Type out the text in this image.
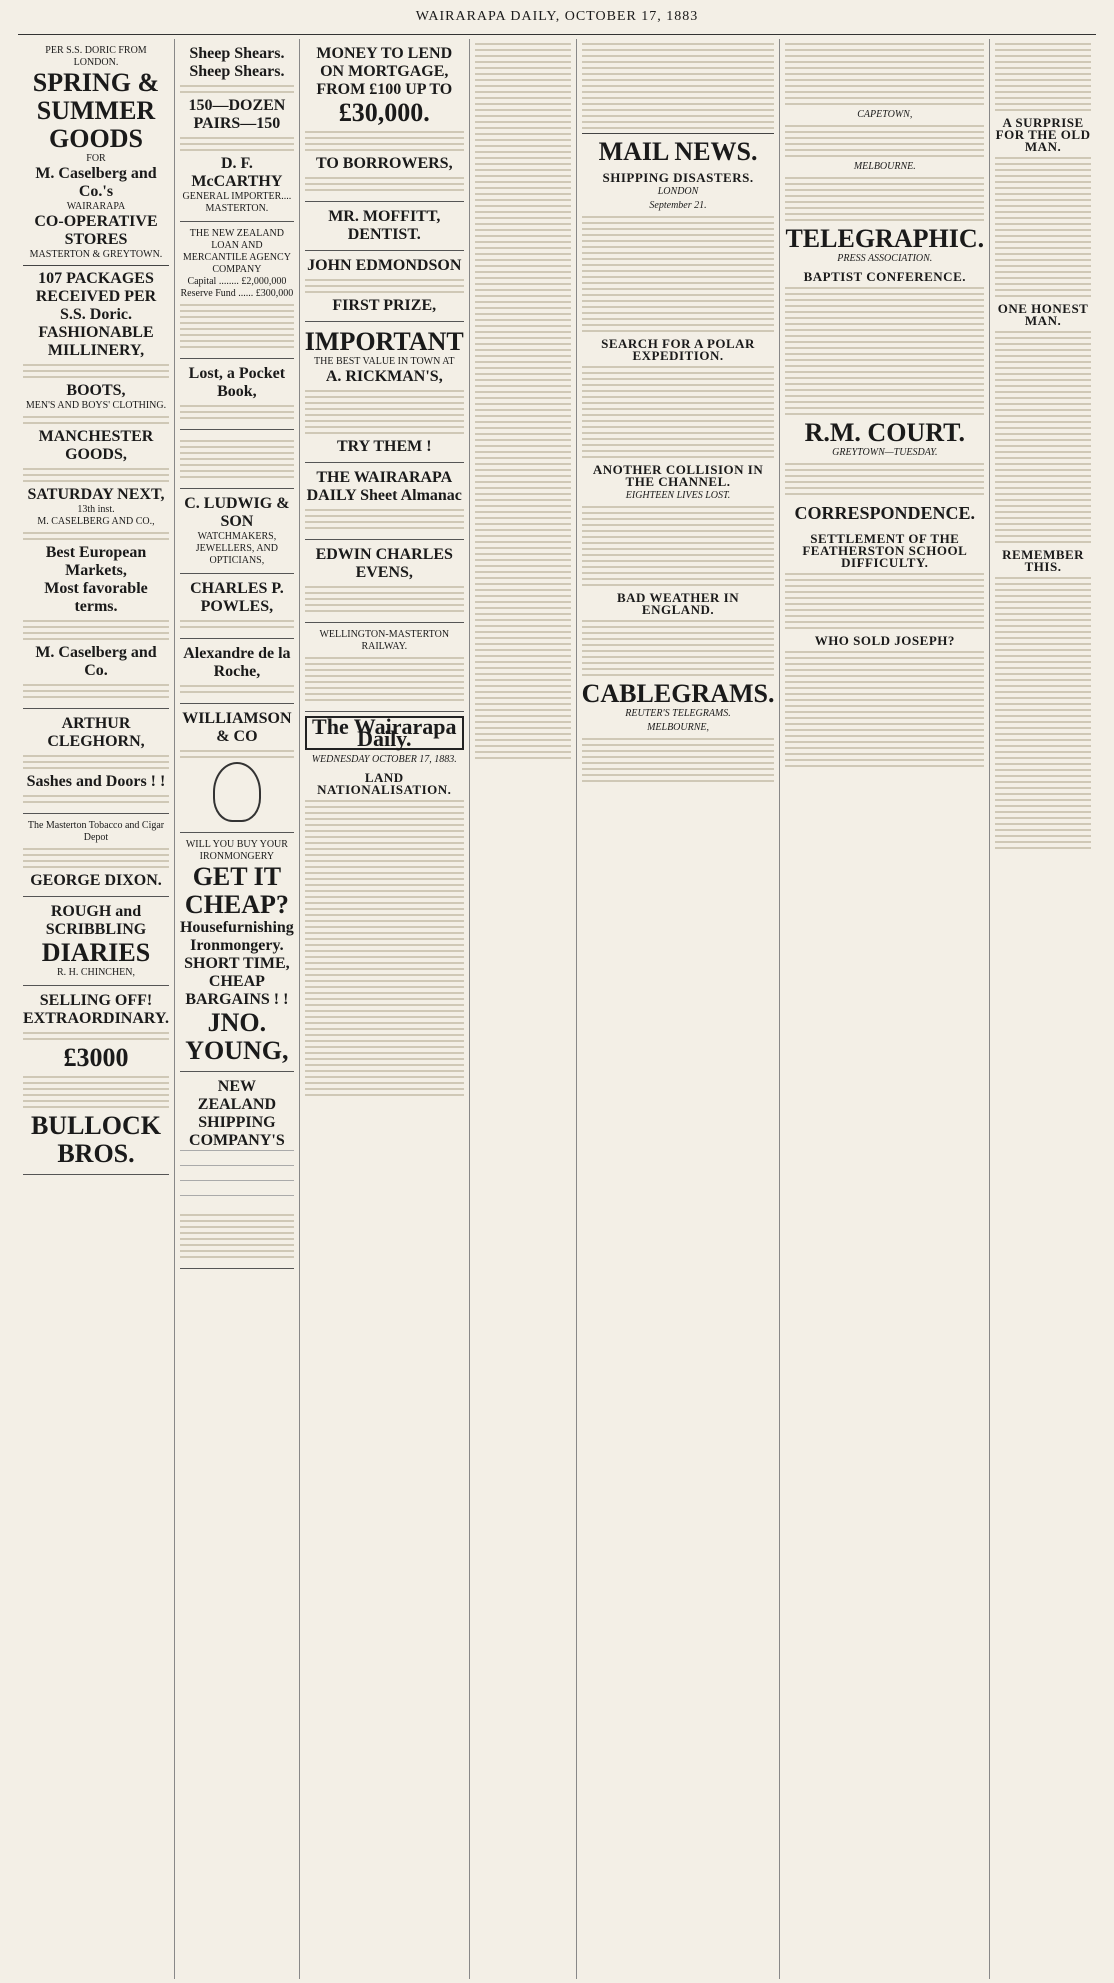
WAIRARAPA DAILY, OCTOBER 17, 1883
PER S.S. DORIC FROM LONDON.
SPRING &
SUMMER
GOODS
FOR
M. Caselberg and Co.'s
WAIRARAPA
CO-OPERATIVE STORES
MASTERTON & GREYTOWN.
107 PACKAGES RECEIVED PER S.S. Doric.
FASHIONABLE MILLINERY,
BOOTS,
MEN'S AND BOYS' CLOTHING.
MANCHESTER GOODS,
SATURDAY NEXT,
13th inst.
M. CASELBERG AND CO.,
Best European Markets,
Most favorable terms.
M. Caselberg and Co.
ARTHUR CLEGHORN,
Sashes and Doors ! !
The Masterton Tobacco and Cigar Depot
GEORGE DIXON.
ROUGH and SCRIBBLING
DIARIES
R. H. CHINCHEN,
SELLING OFF!
EXTRAORDINARY.
£3000
BULLOCK BROS.
Sheep Shears. Sheep Shears.
150—DOZEN PAIRS—150
D. F. McCARTHY
GENERAL IMPORTER.... MASTERTON.
THE NEW ZEALAND LOAN AND MERCANTILE AGENCY COMPANY
Capital ........ £2,000,000
Reserve Fund ...... £300,000
Lost, a Pocket Book,
C. LUDWIG & SON
WATCHMAKERS, JEWELLERS, AND OPTICIANS,
CHARLES P. POWLES,
Alexandre de la Roche,
WILLIAMSON & CO
WILL YOU BUY YOUR IRONMONGERY
GET IT CHEAP?
Housefurnishing Ironmongery.
SHORT TIME,
CHEAP BARGAINS ! !
JNO. YOUNG,
NEW ZEALAND SHIPPING COMPANY'S

MONEY TO LEND ON MORTGAGE,
FROM £100 UP TO
£30,000.
TO BORROWERS,
MR. MOFFITT, DENTIST.
JOHN EDMONDSON
FIRST PRIZE,
IMPORTANT
THE BEST VALUE IN TOWN AT
A. RICKMAN'S,
TRY THEM !
THE WAIRARAPA DAILY Sheet Almanac
EDWIN CHARLES EVENS,
WELLINGTON-MASTERTON RAILWAY.
The Wairarapa Daily.
WEDNESDAY OCTOBER 17, 1883.
LAND NATIONALISATION.
MAIL NEWS.
SHIPPING DISASTERS.
LONDON
September 21.
SEARCH FOR A POLAR EXPEDITION.
ANOTHER COLLISION IN THE CHANNEL.
EIGHTEEN LIVES LOST.
BAD WEATHER IN ENGLAND.
CABLEGRAMS.
REUTER'S TELEGRAMS.
MELBOURNE,
CAPETOWN,
MELBOURNE.
TELEGRAPHIC.
PRESS ASSOCIATION.
BAPTIST CONFERENCE.
R.M. COURT.
GREYTOWN—TUESDAY.
CORRESPONDENCE.
SETTLEMENT OF THE FEATHERSTON SCHOOL DIFFICULTY.
WHO SOLD JOSEPH?
A SURPRISE FOR THE OLD MAN.
ONE HONEST MAN.
REMEMBER THIS.
